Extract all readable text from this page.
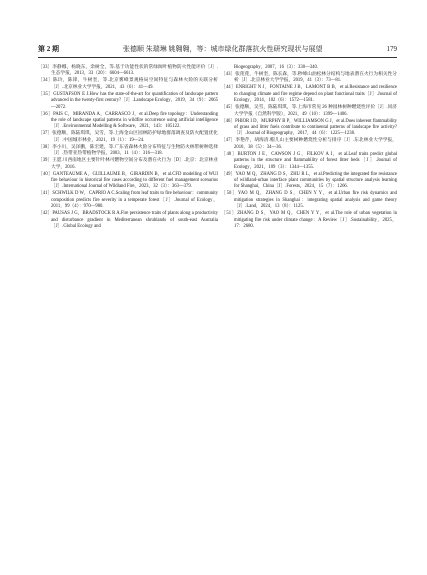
第 2 期	张德顺 朱瑞琳 姚翱翱，等：城市绿化群落抗火性研究现状与展望	179

［33］李静娜，杨晓东，余树全，等.基于功能性状的常绿阔叶植物防火性能评价［J］.生态学报，2013，33（20）：6604—6613.

［34］陈玲，陈锋，牛树奎，等.北京雾峰景观格局空间特征与森林火险的关联分析［J］.北京林业大学学报，2021，43（6）：41—49.

［35］GUSTAFSON E J.How has the state-of-the-art for quantification of landscape pattern advanced in the twenty-first century?［J］.Landscape Ecology，2019，34（9）：2065—2072.

［36］PAIS C，MIRANDA A，CARRASCO J，et al.Deep fire topology：Understanding the role of landscape spatial patterns in wildfire occurrence using artificial intelligence［J］.Environmental Modelling & Software，2021，143：105122.

［37］张德顺，陈陆琪琪，吴雪，等.上海金山区园林防护绿地群落调查及防火配置优化［J］.中国城市林业，2021，19（1）：19—24.

［38］李小川，吴泽鹏，陈宏建，等.广东省森林火险分布特征与生物防火林带树种选择［J］.热带亚热带植物学报，2003，11（4）：316—318.

［39］王愿.川西南地区主要针叶林可燃物空间分布及潜在火行为［D］.北京：北京林业大学，2016.

［40］GANTEAUME A，GUILLAUME B，GIRARDIN B，et al.CFD modelling of WUI fire behaviour in historical fire cases according to different fuel management scenarios［J］.International Journal of Wildland Fire，2023，32（3）：363—379.

［41］SCHWILK D W，CAPRIO A C.Scaling from leaf traits to fire behaviour：community composition predicts fire severity in a temperate forest［J］.Journal of Ecology，2011，99（4）：970—980.

［42］PAUSAS J G，BRADSTOCK R A.Fire persistence traits of plants along a productivity and disturbance gradient in Mediterranean shrublands of south-east Australia［J］.Global Ecology and

Biogeography，2007，16（3）：330—340.

［43］张莲莲，牛树奎，陈长森，等.秒峰山油松林分结构与地表潜在火行为相关性分析［J］.北京林业大学学报，2019，41（3）：73—81.

［44］ENRIGHT N J，FONTAINE J B，LAMONT B B，et al.Resistance and resilience to changing climate and fire regime depend on plant functional traits［J］.Journal of Ecology，2014，102（6）：1572—1581.

［45］张德顺，吴雪，陈陆琪琪，等.上海市常见 26 种园林树种燃烧性评价［J］.同济大学学报（自然科学版），2021，49（10）：1399—1406.

［46］PHIOR I D，MURPHY B P，WILLIAMSON G J，et al.Does inherent flammability of grass and litter fuels contribute to continental patterns of landscape fire activity?［J］.Journal of Biogeography，2017，44（6）：1225—1238.

［47］李艳芹，胡海清.帽儿山主要树种燃烧性分析与排序［J］.东北林业大学学报，2010，38（5）：34—36.

［48］BURTON J E，CAWSON J G，FILKOV A I，et al.Leaf traits predict global patterns in the structure and flammability of forest litter beds［J］.Journal of Ecology，2021，109（3）：1344—1355.

［49］YAO M Q，ZHANG D S，ZHU R L，et al.Predicting the integrated fire resistance of wildland-urban interface plant communities by spatial structure analysis learning for Shanghai，China［J］.Forests，2024，15（7）：1266.

［50］YAO M Q，ZHANG D S，CHEN Y Y，et al.Urban fire risk dynamics and mitigation strategies in Shanghai：integrating spatial analysis and game theory［J］.Land，2024，13（8）：1125.

［51］ZHANG D S，YAO M Q，CHEN Y Y，et al.The role of urban vegetation in mitigating fire risk under climate change：A Review［J］.Sustainability，2025，17：2680.
